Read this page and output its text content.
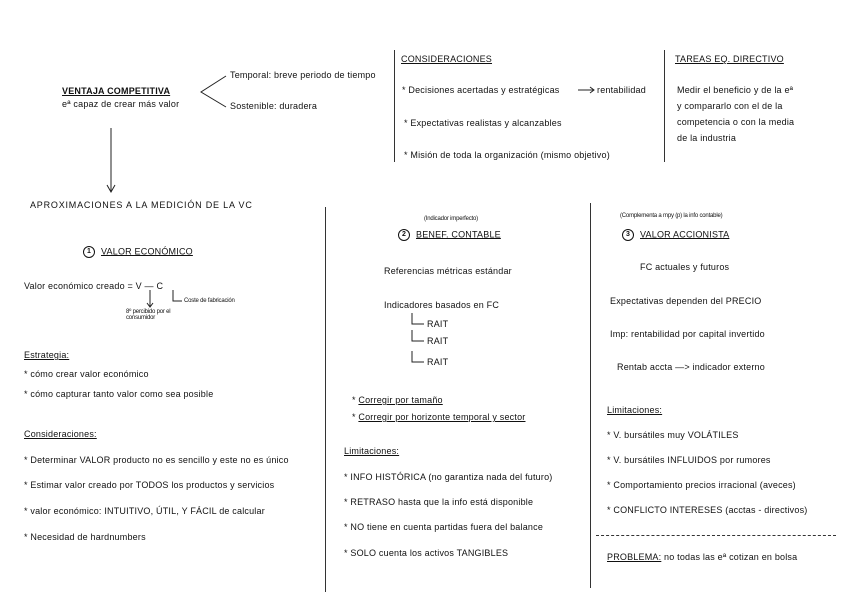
VENTAJA COMPETITIVA
eª capaz de crear más valor
Temporal: breve periodo de tiempo
Sostenible: duradera
CONSIDERACIONES
* Decisiones acertadas y estratégicas	rentabilidad
* Expectativas realistas y alcanzables
* Misión de toda la organización (mismo objetivo)
TAREAS EQ. DIRECTIVO
Medir el beneficio y de la eª
y compararlo con el de la
competencia o con la media
de la industria
APROXIMACIONES A LA MEDICIÓN DE LA VC
1 VALOR ECONÓMICO
Valor económico creado = V — C
Coste de fabricación
8º percibido por el consumidor
Estrategia:
* cómo crear valor económico
* cómo capturar tanto valor como sea posible
Consideraciones:
* Determinar VALOR producto no es sencillo y este no es único
* Estimar valor creado por TODOS los productos y servicios
* valor económico: INTUITIVO, ÚTIL, Y FÁCIL de calcular
* Necesidad de hardnumbers
(Indicador imperfecto)
2 BENEF. CONTABLE
Referencias métricas estándar
Indicadores basados en FC
RAIT
RAIT
RAIT
* Corregir por tamaño
* Corregir por horizonte temporal y sector
Limitaciones:
* INFO HISTÓRICA (no garantiza nada del futuro)
* RETRASO hasta que la info está disponible
* NO tiene en cuenta partidas fuera del balance
* SOLO cuenta los activos TANGIBLES
(Complementa a mpy (p) la info contable)
3 VALOR ACCIONISTA
FC actuales y futuros
Expectativas dependen del PRECIO
Imp: rentabilidad por capital invertido
Rentab accta —> indicador externo
Limitaciones:
* V. bursátiles muy VOLÁTILES
* V. bursátiles INFLUIDOS por rumores
* Comportamiento precios irracional (aveces)
* CONFLICTO INTERESES (acctas - directivos)
PROBLEMA: no todas las eª cotizan en bolsa
